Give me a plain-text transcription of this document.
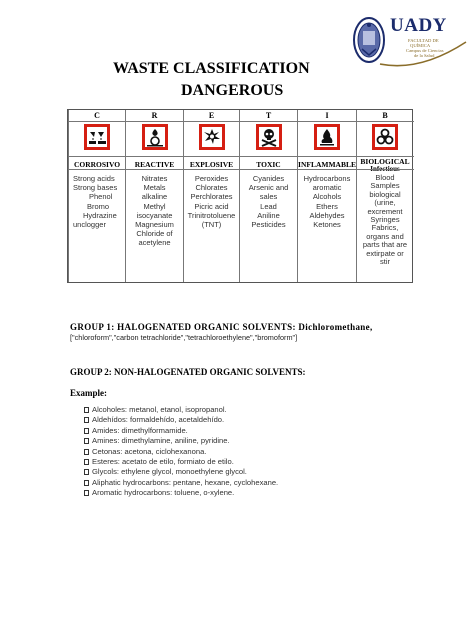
UADY
FACULTAD DE
QUÍMICA
Campus de Ciencias
de la Salud
WASTE CLASSIFICATION
DANGEROUS
C
CORROSIVO
Strong acids
Strong bases
Phenol
Bromo
Hydrazine
unclogger
R
REACTIVE
Nitrates
Metals
alkaline
Methyl
isocyanate
Magnesium
Chloride of
acetylene
E
EXPLOSIVE
Peroxides
Chlorates
Perchlorates
Picric acid
Trinitrotoluene
(TNT)
T
TOXIC
Cyanides
Arsenic and
sales
Lead
Aniline
Pesticides
I
INFLAMMABLE
Hydrocarbons
aromatic
Alcohols
Ethers
Aldehydes
Ketones
B
BIOLOGICAL
Infectious
Blood
Samples
biological
(urine,
excrement
Syringes
Fabrics,
organs and
parts that are
extirpate or
stir
GROUP 1: HALOGENATED ORGANIC SOLVENTS: Dichloromethane,
["chloroform","carbon tetrachloride","tetrachloroethylene","bromoform"]
GROUP 2: NON-HALOGENATED ORGANIC SOLVENTS:
Example:
Alcoholes: metanol, etanol, isopropanol.
Aldehídos: formaldehído, acetaldehído.
Amides: dimethylformamide.
Amines: dimethylamine, aniline, pyridine.
Cetonas: acetona, ciclohexanona.
Esteres: acetato de etilo, formiato de etilo.
Glycols: ethylene glycol, monoethylene glycol.
Aliphatic hydrocarbons: pentane, hexane, cyclohexane.
Aromatic hydrocarbons: toluene, o-xylene.
